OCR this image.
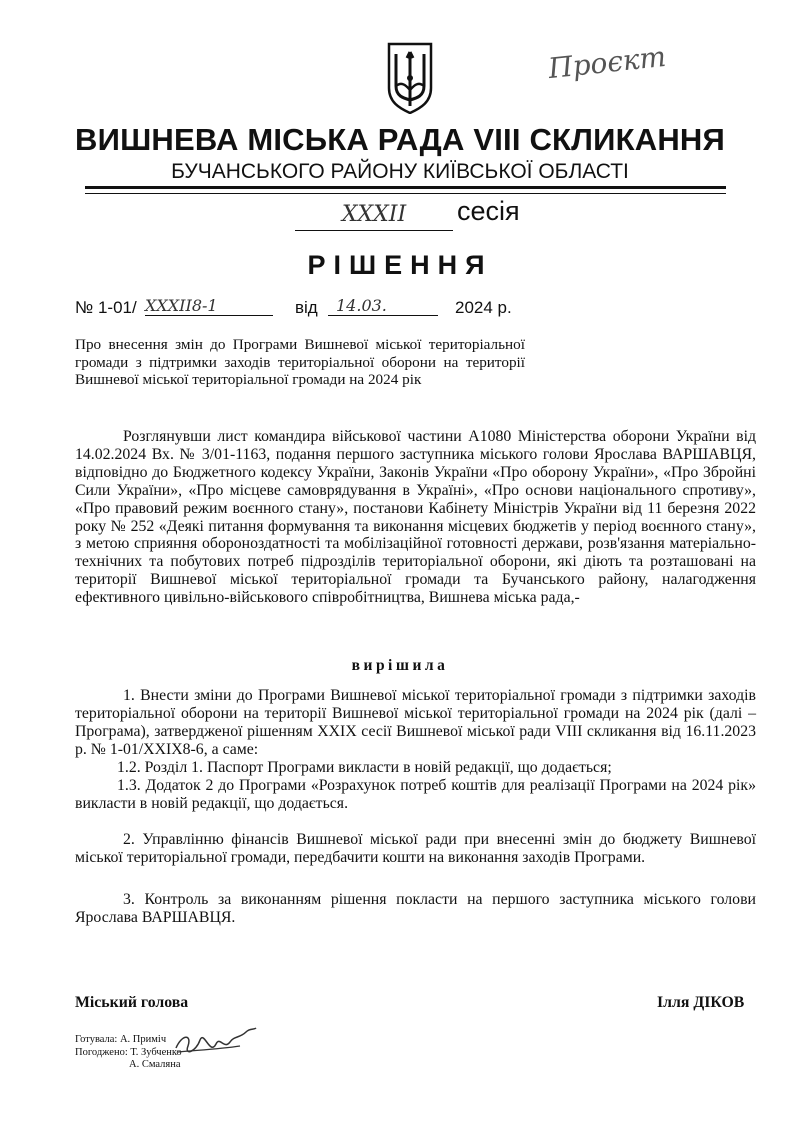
Проєкт
ВИШНЕВА МІСЬКА РАДА VIII СКЛИКАННЯ
БУЧАНСЬКОГО РАЙОНУ КИЇВСЬКОЇ ОБЛАСТІ
XXXII	сесія
РІШЕННЯ
№ 1-01/ XXXII8-1	від	14.03.	2024 р.
Про внесення змін до Програми Вишневої міської територіальної громади з підтримки заходів територіальної оборони на території Вишневої міської територіальної громади на 2024 рік
Розглянувши лист командира військової частини А1080 Міністерства оборони України від 14.02.2024 Вх. № 3/01-1163, подання першого заступника міського голови Ярослава ВАРШАВЦЯ, відповідно до Бюджетного кодексу України, Законів України «Про оборону України», «Про Збройні Сили України», «Про місцеве самоврядування в Україні», «Про основи національного спротиву», «Про правовий режим воєнного стану», постанови Кабінету Міністрів України від 11 березня 2022 року № 252 «Деякі питання формування та виконання місцевих бюджетів у період воєнного стану», з метою сприяння обороноздатності та мобілізаційної готовності держави, розв'язання матеріально-технічних та побутових потреб підрозділів територіальної оборони, які діють та розташовані на території Вишневої міської територіальної громади та Бучанського району, налагодження ефективного цивільно-військового співробітництва, Вишнева міська рада,-
вирішила
1. Внести зміни до Програми Вишневої міської територіальної громади з підтримки заходів територіальної оборони на території Вишневої міської територіальної громади на 2024 рік (далі – Програма), затвердженої рішенням XXIX сесії Вишневої міської ради VIII скликання від 16.11.2023 р. № 1-01/XXIX8-6, а саме:
1.2. Розділ 1. Паспорт Програми викласти в новій редакції, що додається;
1.3. Додаток 2 до Програми «Розрахунок потреб коштів для реалізації Програми на 2024 рік» викласти в новій редакції, що додається.
2. Управлінню фінансів Вишневої міської ради при внесенні змін до бюджету Вишневої міської територіальної громади, передбачити кошти на виконання заходів Програми.
3. Контроль за виконанням рішення покласти на першого заступника міського голови Ярослава ВАРШАВЦЯ.
Міський голова	Ілля ДІКОВ
Готувала: А. Приміч
Погоджено: Т. Зубченко
А. Смаляна
